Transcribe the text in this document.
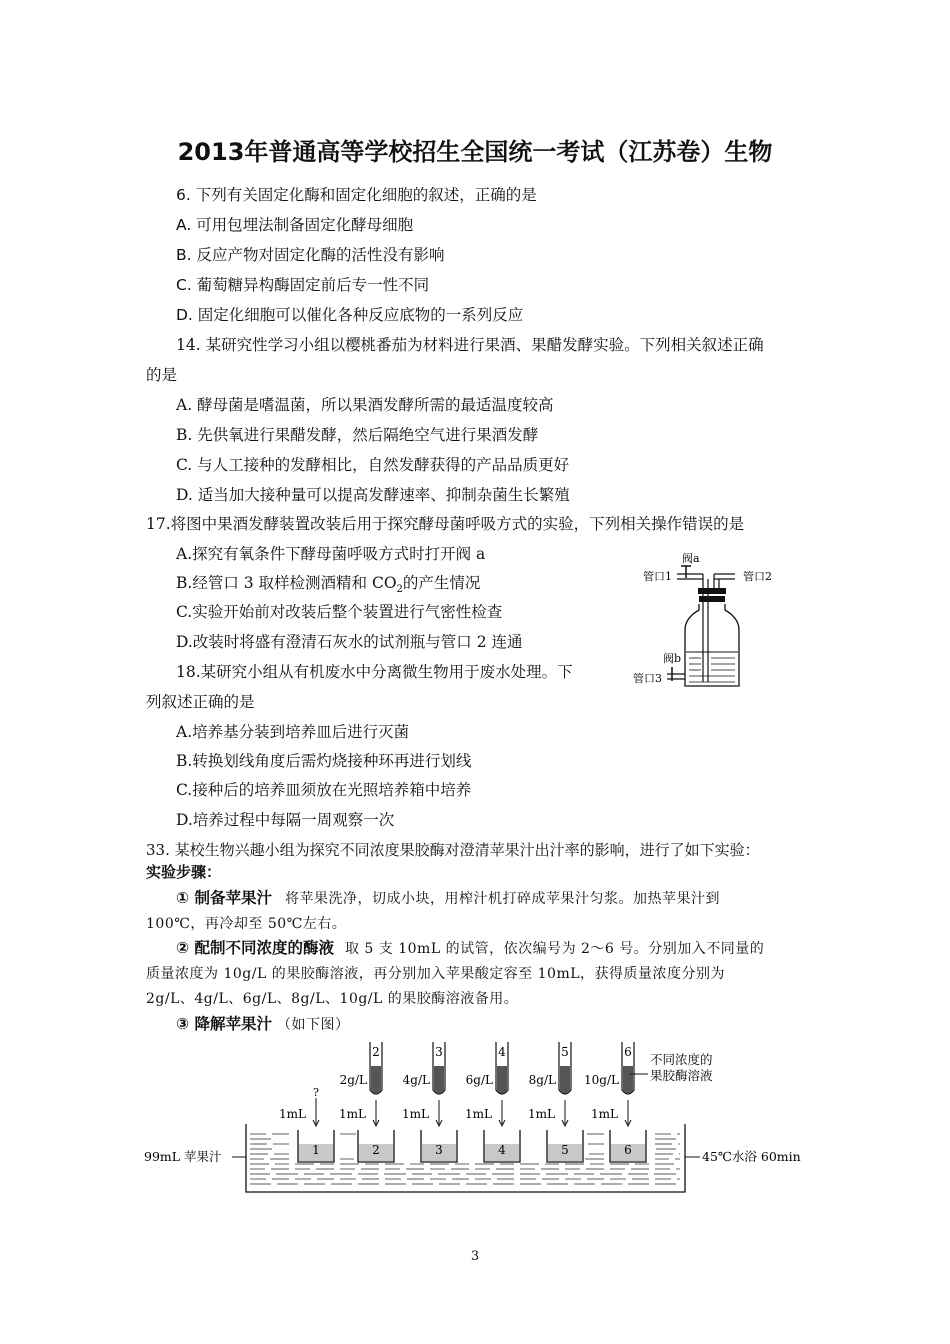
2013年普通高等学校招生全国统一考试（江苏卷）生物
6. 下列有关固定化酶和固定化细胞的叙述，正确的是
A. 可用包埋法制备固定化酵母细胞
B. 反应产物对固定化酶的活性没有影响
C. 葡萄糖异构酶固定前后专一性不同
D. 固定化细胞可以催化各种反应底物的一系列反应
14. 某研究性学习小组以樱桃番茄为材料进行果酒、果醋发酵实验。下列相关叙述正确
的是
A. 酵母菌是嗜温菌，所以果酒发酵所需的最适温度较高
B. 先供氧进行果醋发酵，然后隔绝空气进行果酒发酵
C. 与人工接种的发酵相比，自然发酵获得的产品品质更好
D. 适当加大接种量可以提高发酵速率、抑制杂菌生长繁殖
17.将图中果酒发酵装置改装后用于探究酵母菌呼吸方式的实验，下列相关操作错误的是
A.探究有氧条件下酵母菌呼吸方式时打开阀 a
B.经管口 3 取样检测酒精和 $CO_2$的产生情况
C.实验开始前对改装后整个装置进行气密性检查
D.改装时将盛有澄清石灰水的试剂瓶与管口 2 连通
阀a
管口1	管口2
阀b
管口3
18.某研究小组从有机废水中分离微生物用于废水处理。下
列叙述正确的是
A.培养基分装到培养皿后进行灭菌
B.转换划线角度后需灼烧接种环再进行划线
C.接种后的培养皿须放在光照培养箱中培养
D.培养过程中每隔一周观察一次
33. 某校生物兴趣小组为探究不同浓度果胶酶对澄清苹果汁出汁率的影响，进行了如下实验：
实验步骤：
① 制备苹果汁 将苹果洗净，切成小块，用榨汁机打碎成苹果汁匀浆。加热苹果汁到
100℃，再冷却至 50℃左右。
② 配制不同浓度的酶液 取 5 支 10mL 的试管，依次编号为 2～6 号。分别加入不同量的
质量浓度为 10g/L 的果胶酶溶液，再分别加入苹果酸定容至 10mL，获得质量浓度分别为
2g/L、4g/L、6g/L、8g/L、10g/L 的果胶酶溶液备用。
③ 降解苹果汁 （如下图）
2
2g/L
3
4g/L
4
6g/L
5
8g/L
6
10g/L
?
不同浓度的
果胶酶溶液
1
1mL
2
1mL
3
1mL
4
1mL
5
1mL
6
1mL
99mL 苹果汁	45℃水浴 60min
3
